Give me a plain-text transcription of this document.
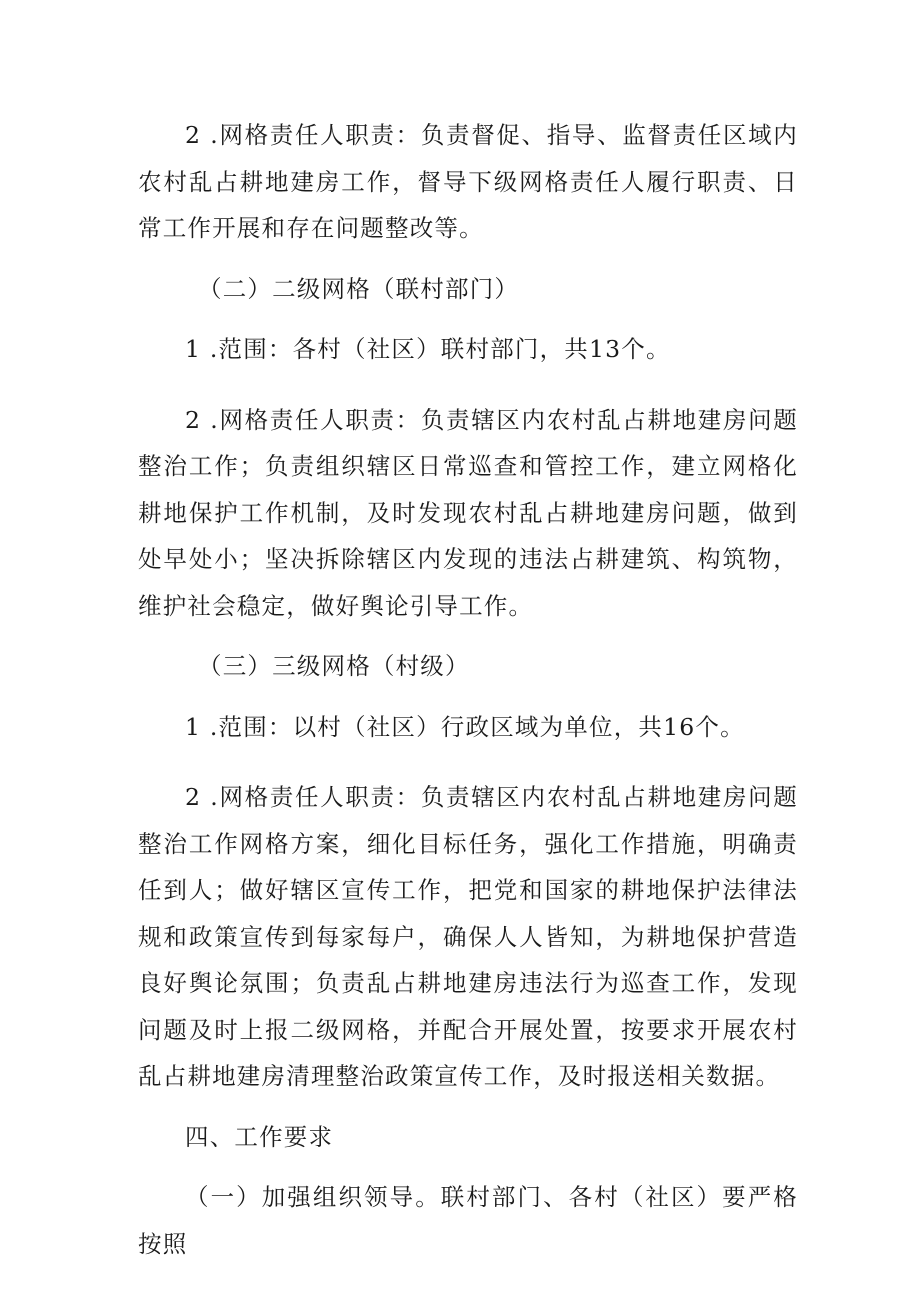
2 .网格责任人职责：负责督促、指导、监督责任区域内农村乱占耕地建房工作，督导下级网格责任人履行职责、日常工作开展和存在问题整改等。

（二）二级网格（联村部门）

1 .范围：各村（社区）联村部门，共13个。

2 .网格责任人职责：负责辖区内农村乱占耕地建房问题整治工作；负责组织辖区日常巡查和管控工作，建立网格化耕地保护工作机制，及时发现农村乱占耕地建房问题，做到处早处小；坚决拆除辖区内发现的违法占耕建筑、构筑物，维护社会稳定，做好舆论引导工作。

（三）三级网格（村级）

1 .范围：以村（社区）行政区域为单位，共16个。

2 .网格责任人职责：负责辖区内农村乱占耕地建房问题整治工作网格方案，细化目标任务，强化工作措施，明确责任到人；做好辖区宣传工作，把党和国家的耕地保护法律法规和政策宣传到每家每户，确保人人皆知，为耕地保护营造良好舆论氛围；负责乱占耕地建房违法行为巡查工作，发现问题及时上报二级网格，并配合开展处置，按要求开展农村乱占耕地建房清理整治政策宣传工作，及时报送相关数据。

四、工作要求

（一）加强组织领导。联村部门、各村（社区）要严格按照
